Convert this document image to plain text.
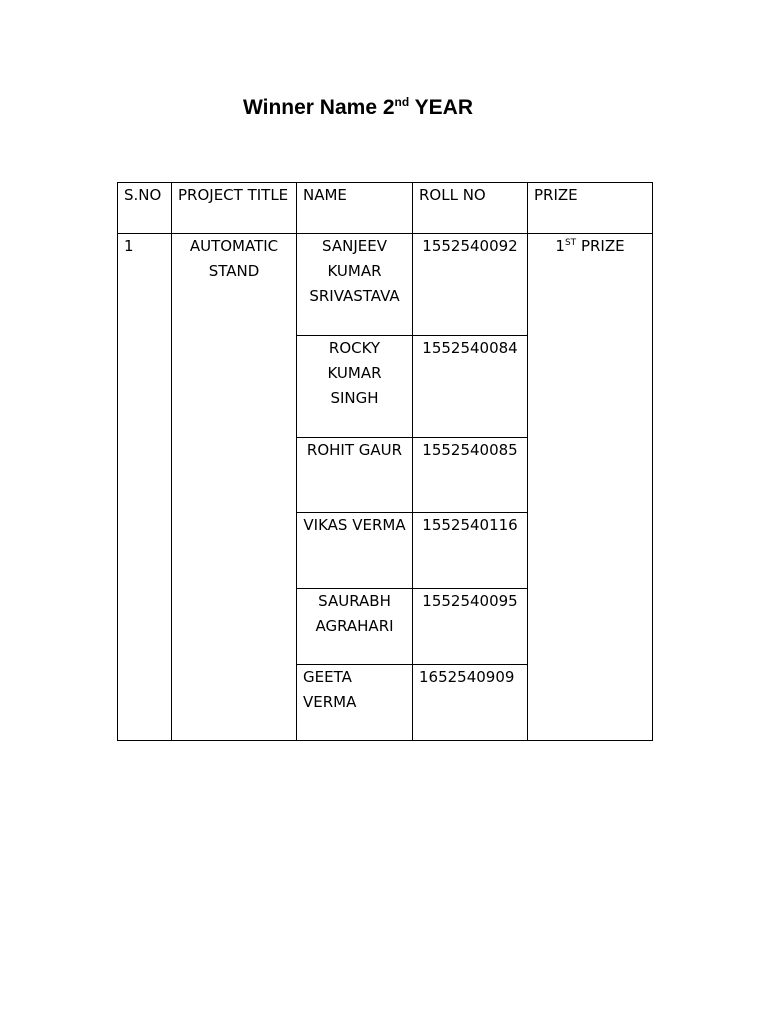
Winner Name 2nd YEAR
S.NO	PROJECT TITLE	NAME	ROLL NO	PRIZE
1	AUTOMATIC STAND	SANJEEV KUMAR SRIVASTAVA	1552540092	1ST PRIZE
		ROCKY KUMAR SINGH	1552540084	
		ROHIT GAUR	1552540085	
		VIKAS VERMA	1552540116	
		SAURABH AGRAHARI	1552540095	
		GEETA VERMA	1652540909	
